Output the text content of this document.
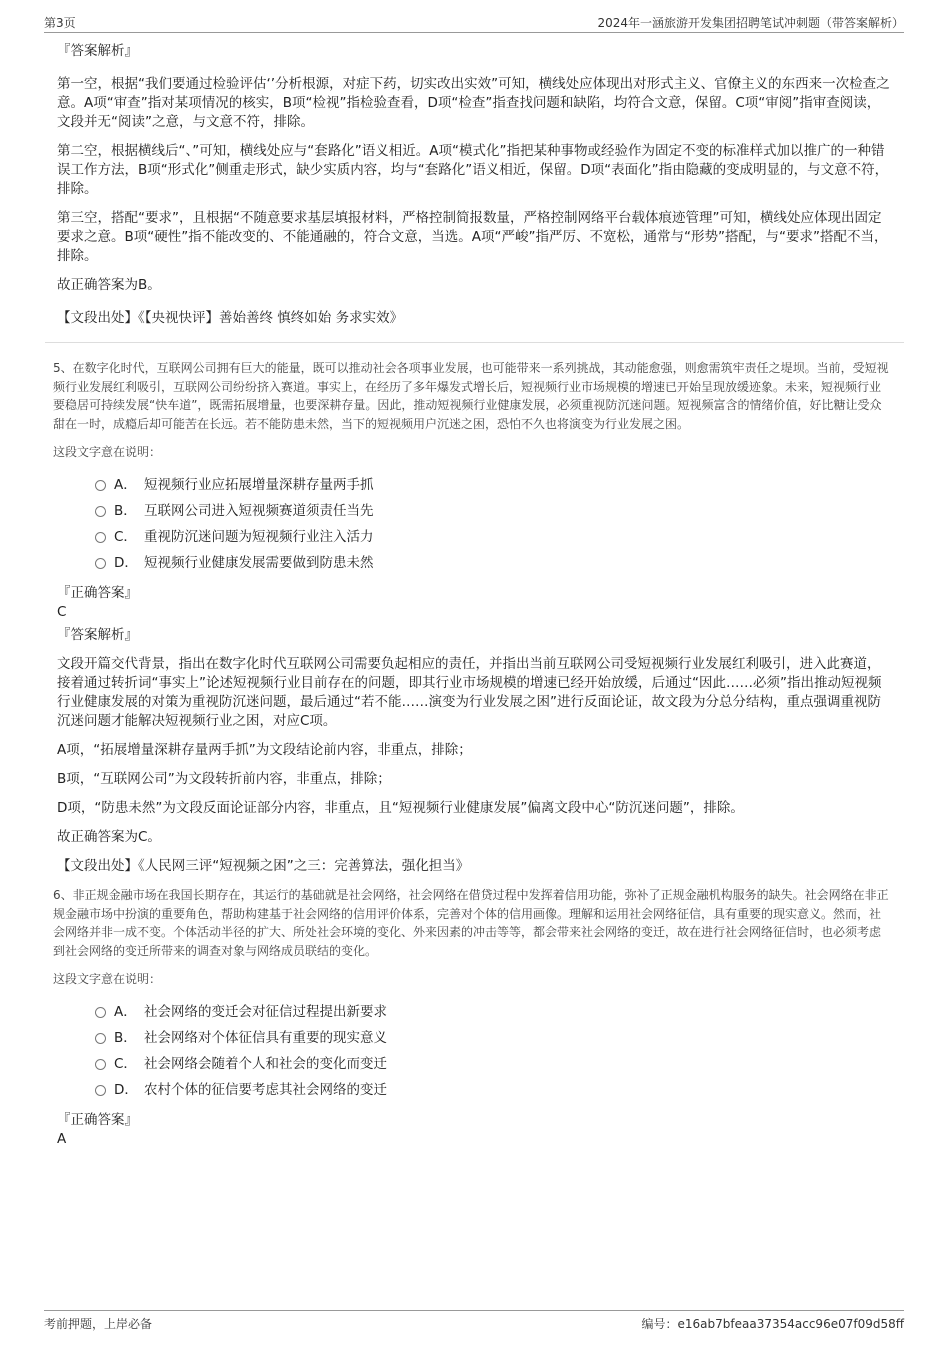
第3页	2024年一涵旅游开发集团招聘笔试冲刺题（带答案解析）

『答案解析』

第一空，根据“我们要通过检验评估‘’分析根源，对症下药，切实改出实效”可知，横线处应体现出对形式主义、官僚主义的东西来一次检查之意。A项“审查”指对某项情况的核实，B项“检视”指检验查看，D项“检查”指查找问题和缺陷，均符合文意，保留。C项“审阅”指审查阅读，文段并无“阅读”之意，与文意不符，排除。

第二空，根据横线后“、”可知，横线处应与“套路化”语义相近。A项“模式化”指把某种事物或经验作为固定不变的标准样式加以推广的一种错误工作方法，B项“形式化”侧重走形式，缺少实质内容，均与“套路化”语义相近，保留。D项“表面化”指由隐藏的变成明显的，与文意不符，排除。

第三空，搭配“要求”，且根据“不随意要求基层填报材料，严格控制简报数量，严格控制网络平台载体痕迹管理”可知，横线处应体现出固定要求之意。B项“硬性”指不能改变的、不能通融的，符合文意，当选。A项“严峻”指严厉、不宽松，通常与“形势”搭配，与“要求”搭配不当，排除。

故正确答案为B。

【文段出处】《【央视快评】善始善终 慎终如始 务求实效》

5、在数字化时代，互联网公司拥有巨大的能量，既可以推动社会各项事业发展，也可能带来一系列挑战，其动能愈强，则愈需筑牢责任之堤坝。当前，受短视频行业发展红利吸引，互联网公司纷纷挤入赛道。事实上，在经历了多年爆发式增长后，短视频行业市场规模的增速已开始呈现放缓迹象。未来，短视频行业要稳居可持续发展“快车道”，既需拓展增量，也要深耕存量。因此，推动短视频行业健康发展，必须重视防沉迷问题。短视频富含的情绪价值，好比糖让受众甜在一时，成瘾后却可能苦在长远。若不能防患未然，当下的短视频用户沉迷之困，恐怕不久也将演变为行业发展之困。

这段文字意在说明：

A． 短视频行业应拓展增量深耕存量两手抓
B． 互联网公司进入短视频赛道须责任当先
C． 重视防沉迷问题为短视频行业注入活力
D． 短视频行业健康发展需要做到防患未然

『正确答案』

C

『答案解析』

文段开篇交代背景，指出在数字化时代互联网公司需要负起相应的责任，并指出当前互联网公司受短视频行业发展红利吸引，进入此赛道，接着通过转折词“事实上”论述短视频行业目前存在的问题，即其行业市场规模的增速已经开始放缓，后通过“因此……必须”指出推动短视频行业健康发展的对策为重视防沉迷问题，最后通过“若不能……演变为行业发展之困”进行反面论证，故文段为分总分结构，重点强调重视防沉迷问题才能解决短视频行业之困，对应C项。

A项，“拓展增量深耕存量两手抓”为文段结论前内容，非重点，排除；

B项，“互联网公司”为文段转折前内容，非重点，排除；

D项，“防患未然”为文段反面论证部分内容，非重点，且“短视频行业健康发展”偏离文段中心“防沉迷问题”，排除。

故正确答案为C。

【文段出处】《人民网三评“短视频之困”之三：完善算法，强化担当》

6、非正规金融市场在我国长期存在，其运行的基础就是社会网络，社会网络在借贷过程中发挥着信用功能，弥补了正规金融机构服务的缺失。社会网络在非正规金融市场中扮演的重要角色，帮助构建基于社会网络的信用评价体系，完善对个体的信用画像。理解和运用社会网络征信，具有重要的现实意义。然而，社会网络并非一成不变。个体活动半径的扩大、所处社会环境的变化、外来因素的冲击等等，都会带来社会网络的变迁，故在进行社会网络征信时，也必须考虑到社会网络的变迁所带来的调查对象与网络成员联结的变化。

这段文字意在说明：

A． 社会网络的变迁会对征信过程提出新要求
B． 社会网络对个体征信具有重要的现实意义
C． 社会网络会随着个人和社会的变化而变迁
D． 农村个体的征信要考虑其社会网络的变迁

『正确答案』

A

考前押题，上岸必备	编号：e16ab7bfeaa37354acc96e07f09d58ff
